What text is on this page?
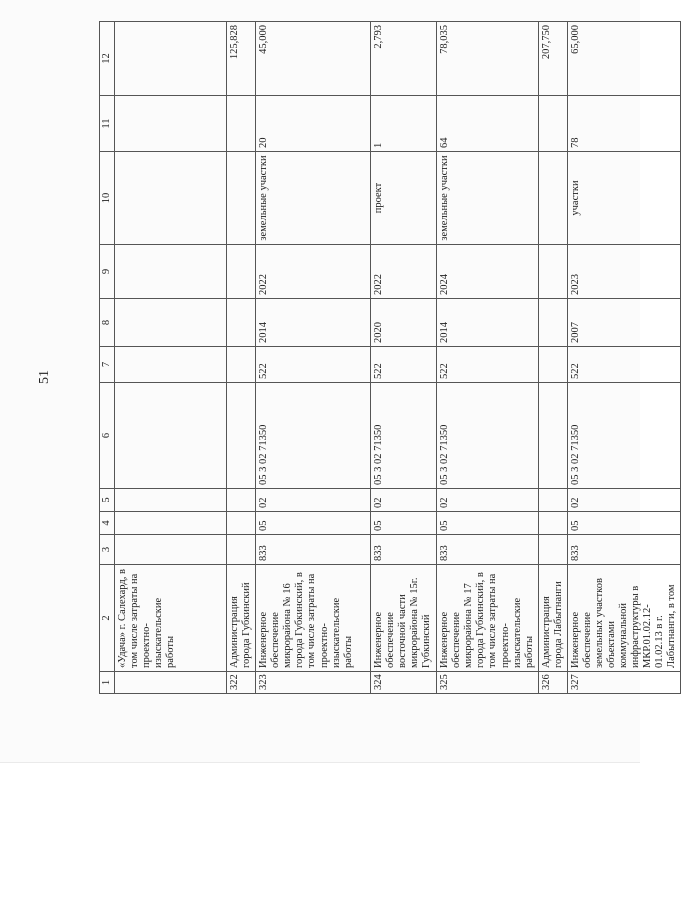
51
1	2	3	4	5	6	7	8	9	10	11	12
	«Удача» г. Салехард, в том числе затраты на проектно-изыскательские работы										
322	Администрация города Губкинский										125,828
323	Инженерное обеспечение микрорайона № 16 города Губкинский, в том числе затраты на проектно-изыскательские работы	833	05	02	05 3 02 71350	522	2014	2022	земельные участки	20	45,000
324	Инженерное обеспечение восточной части микрорайона № 15г. Губкинский	833	05	02	05 3 02 71350	522	2020	2022	проект	1	2,793
325	Инженерное обеспечение микрорайона № 17 города Губкинский, в том числе затраты на проектно-изыскательские работы	833	05	02	05 3 02 71350	522	2014	2024	земельные участки	64	78,035
326	Администрация города Лабытнанги										207,750
327	Инженерное обеспечение земельных участков объектами коммунальной инфраструктуры в МКР.01.02.12-01.02.13 в г. Лабытнанги, в том	833	05	02	05 3 02 71350	522	2007	2023	участки	78	65,000
